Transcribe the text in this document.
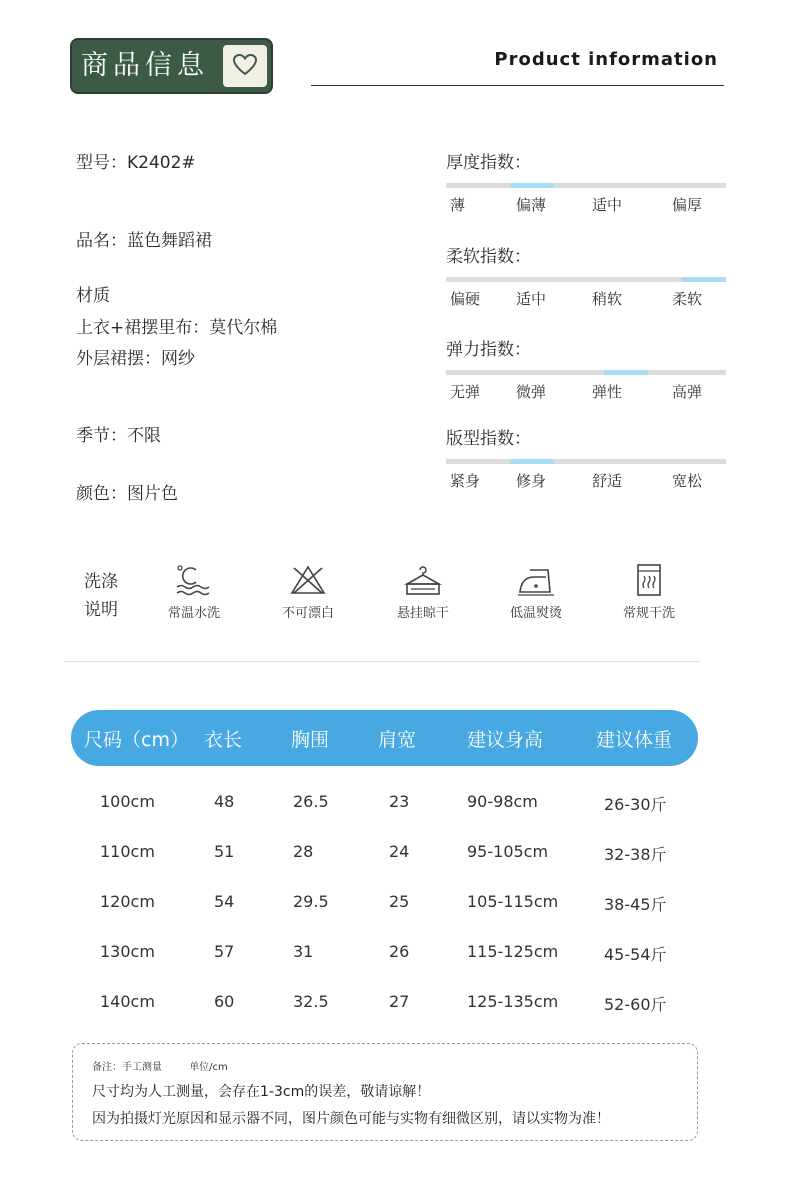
商品信息	Product information
型号：K2402#
品名：蓝色舞蹈裙
材质
上衣+裙摆里布：莫代尔棉
外层裙摆：网纱
季节：不限
颜色：图片色
厚度指数：
薄	偏薄	适中	偏厚
柔软指数：
偏硬 适中	稍软	柔软
弹力指数：
无弹 微弹	弹性	高弹
版型指数：
紧身 修身	舒适	宽松
洗涤
说明	常温水洗	不可漂白	悬挂晾干	低温熨烫	常规干洗
尺码（cm） 衣长	胸围	肩宽	建议身高	建议体重
100cm	48	26.5	23	90-98cm	26-30斤
110cm	51	28	24	95-105cm	32-38斤
120cm	54	29.5	25	105-115cm	38-45斤
130cm	57	31	26	115-125cm	45-54斤
140cm	60	32.5	27	125-135cm	52-60斤
备注：手工测量	单位/cm
尺寸均为人工测量，会存在1-3cm的误差，敬请谅解！
因为拍摄灯光原因和显示器不同，图片颜色可能与实物有细微区别，请以实物为准！
